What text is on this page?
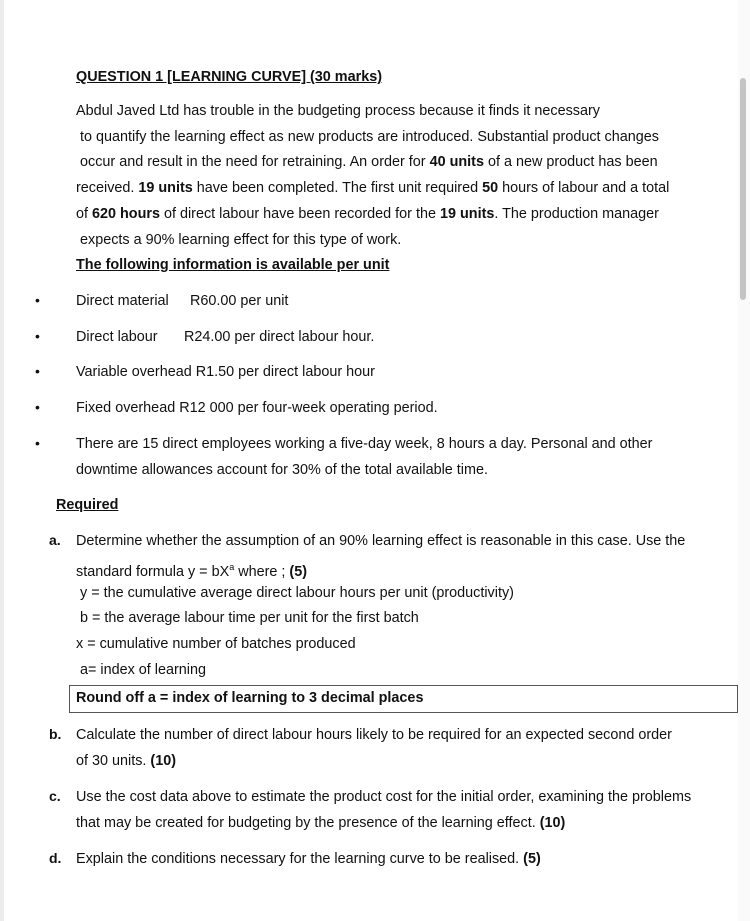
QUESTION 1 [LEARNING CURVE] (30 marks)
Abdul Javed Ltd has trouble in the budgeting process because it finds it necessary
to quantify the learning effect as new products are introduced. Substantial product changes
occur and result in the need for retraining. An order for 40 units of a new product has been
received. 19 units have been completed. The first unit required 50 hours of labour and a total
of 620 hours of direct labour have been recorded for the 19 units. The production manager
expects a 90% learning effect for this type of work.
The following information is available per unit
•	Direct material R60.00 per unit
•	Direct labour R24.00 per direct labour hour.
•	Variable overhead R1.50 per direct labour hour
•	Fixed overhead R12 000 per four-week operating period.
•	There are 15 direct employees working a five-day week, 8 hours a day. Personal and other
downtime allowances account for 30% of the total available time.
Required
a. Determine whether the assumption of an 90% learning effect is reasonable in this case. Use the
standard formula $y = bX^a$ where ; (5)
y = the cumulative average direct labour hours per unit (productivity)
b = the average labour time per unit for the first batch
x = cumulative number of batches produced
a= index of learning
Round off a = index of learning to 3 decimal places
b. Calculate the number of direct labour hours likely to be required for an expected second order
of 30 units. (10)
c. Use the cost data above to estimate the product cost for the initial order, examining the problems
that may be created for budgeting by the presence of the learning effect. (10)
d. Explain the conditions necessary for the learning curve to be realised. (5)
